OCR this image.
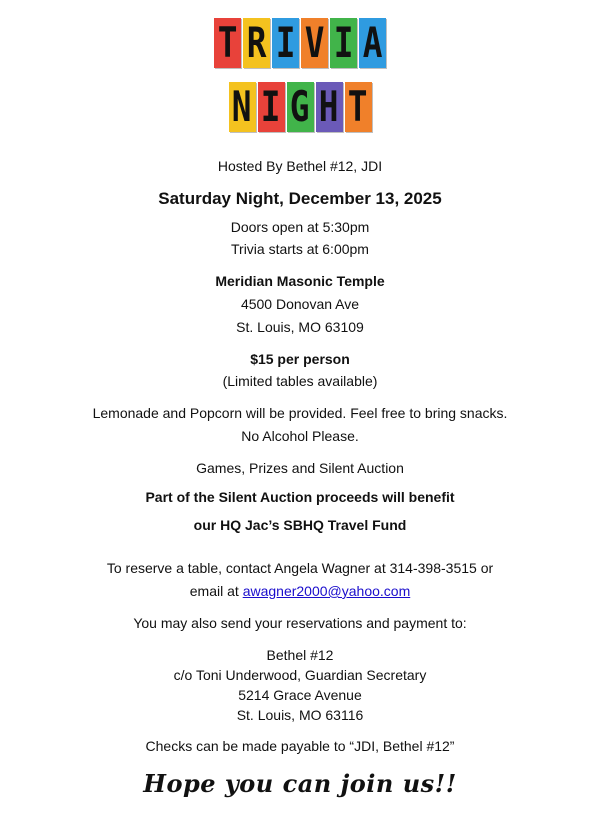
T R I V I A
N I G H T
Hosted By Bethel #12, JDI
Saturday Night, December 13, 2025
Doors open at 5:30pm
Trivia starts at 6:00pm
Meridian Masonic Temple
4500 Donovan Ave
St. Louis, MO 63109
$15 per person
(Limited tables available)
Lemonade and Popcorn will be provided. Feel free to bring snacks.
No Alcohol Please.
Games, Prizes and Silent Auction
Part of the Silent Auction proceeds will benefit
our HQ Jac’s SBHQ Travel Fund
To reserve a table, contact Angela Wagner at 314-398-3515 or
email at awagner2000@yahoo.com
You may also send your reservations and payment to:
Bethel #12
c/o Toni Underwood, Guardian Secretary
5214 Grace Avenue
St. Louis, MO 63116
Checks can be made payable to “JDI, Bethel #12”
Hope you can join us!!
